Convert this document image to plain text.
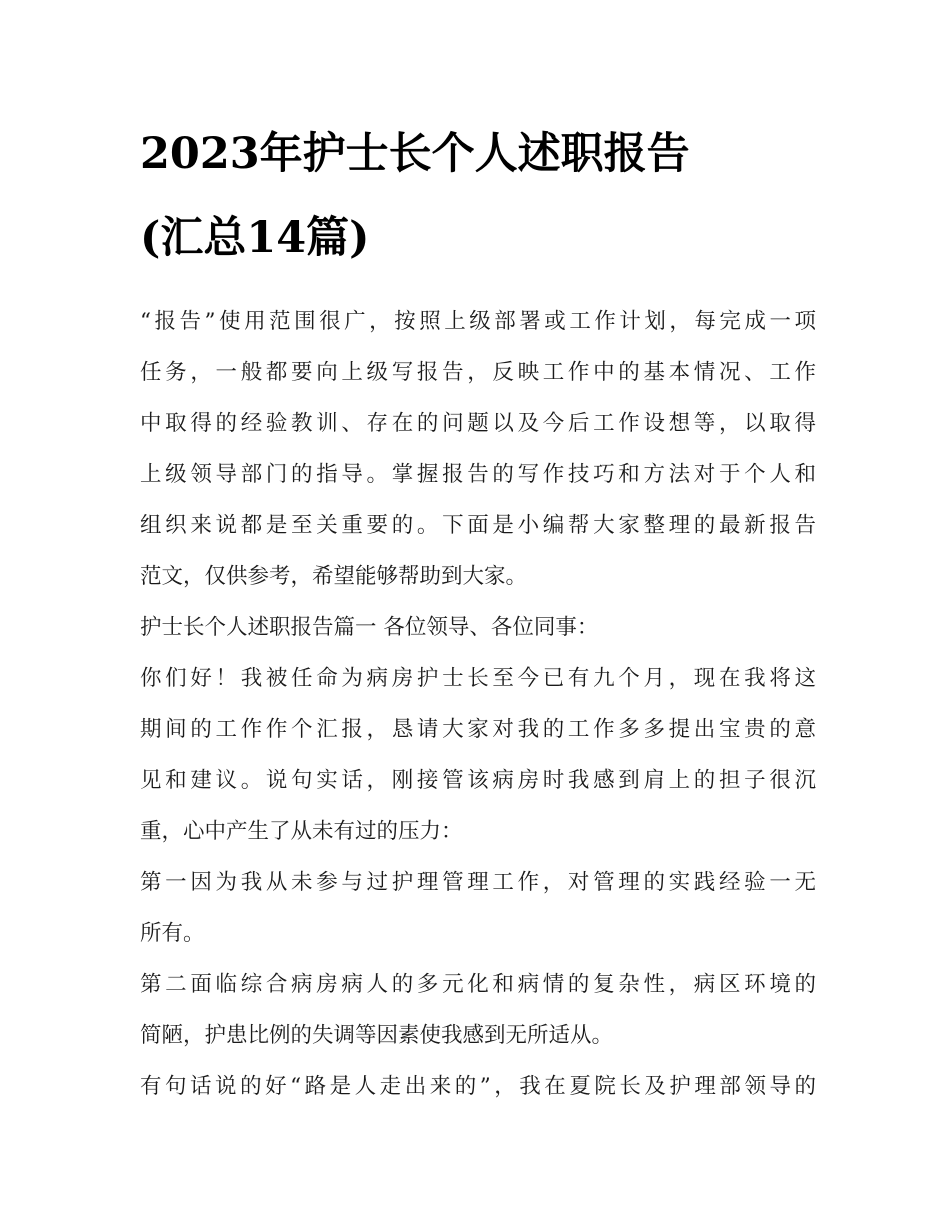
2023年护士长个人述职报告
(汇总14篇)

“报告”使用范围很广，按照上级部署或工作计划，每完成一项
任务，一般都要向上级写报告，反映工作中的基本情况、工作
中取得的经验教训、存在的问题以及今后工作设想等，以取得
上级领导部门的指导。掌握报告的写作技巧和方法对于个人和
组织来说都是至关重要的。下面是小编帮大家整理的最新报告
范文，仅供参考，希望能够帮助到大家。

护士长个人述职报告篇一 各位领导、各位同事：

你们好！我被任命为病房护士长至今已有九个月，现在我将这
期间的工作作个汇报，恳请大家对我的工作多多提出宝贵的意
见和建议。说句实话，刚接管该病房时我感到肩上的担子很沉
重，心中产生了从未有过的压力：

第一因为我从未参与过护理管理工作，对管理的实践经验一无
所有。

第二面临综合病房病人的多元化和病情的复杂性，病区环境的
简陋，护患比例的失调等因素使我感到无所适从。

有句话说的好“路是人走出来的”，我在夏院长及护理部领导的
